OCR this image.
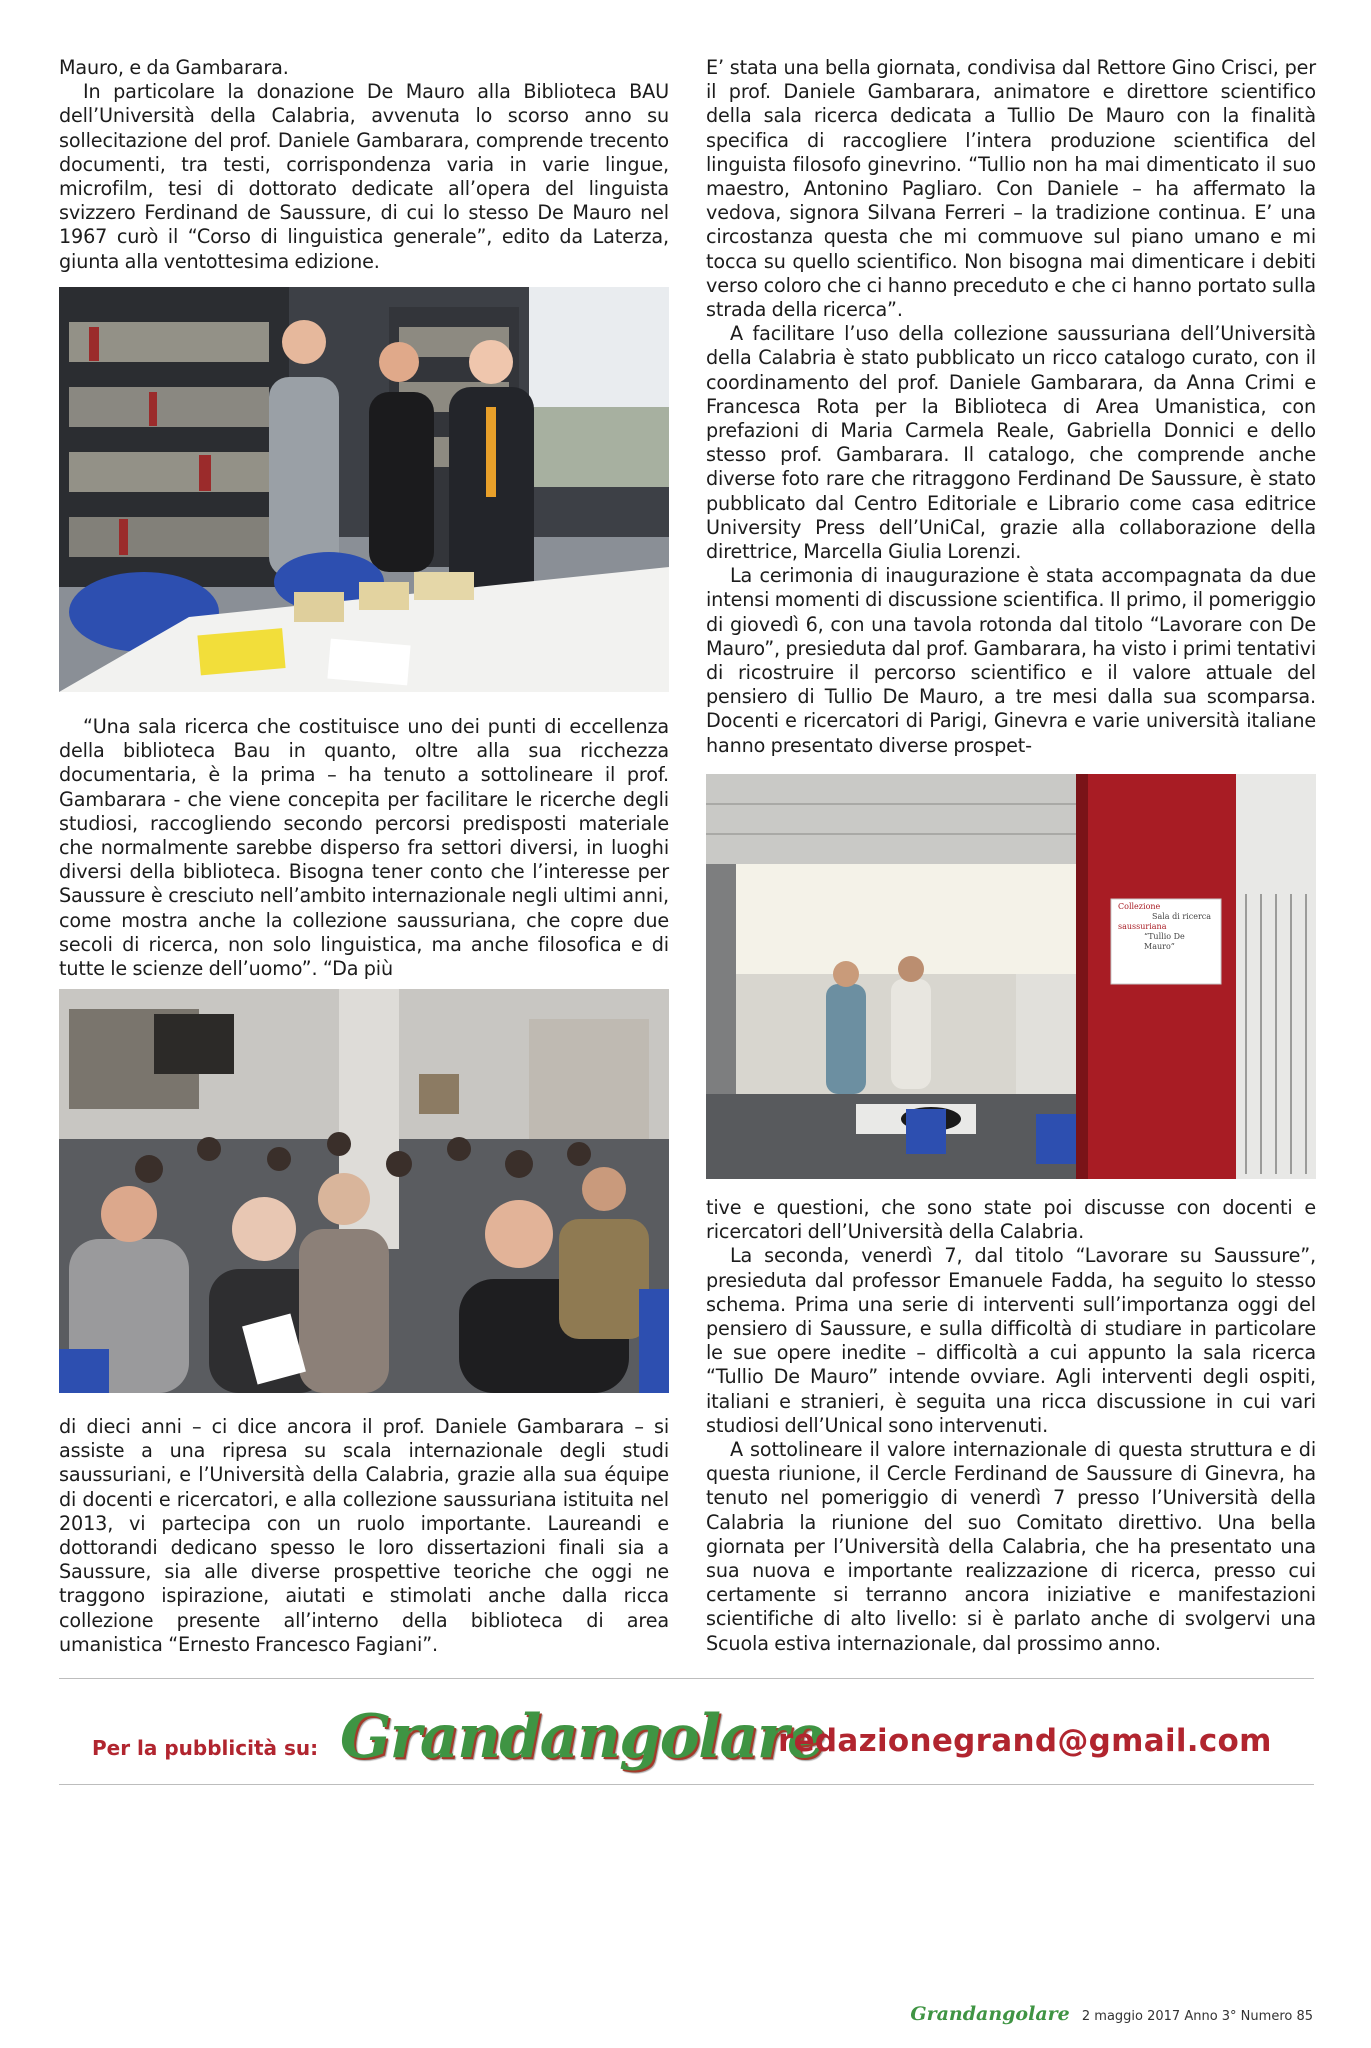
Mauro, e da Gambarara.

In particolare la donazione De Mauro alla Biblioteca BAU dell’Università della Calabria, avvenuta lo scorso anno su sollecitazione del prof. Daniele Gambarara, comprende trecento documenti, tra testi, corrispondenza varia in varie lingue, microfilm, tesi di dottorato dedicate all’opera del linguista svizzero Ferdinand de Saussure, di cui lo stesso De Mauro nel 1967 curò il “Corso di linguistica generale”, edito da Laterza, giunta alla ventottesima edizione.

“Una sala ricerca che costituisce uno dei punti di eccellenza della biblioteca Bau in quanto, oltre alla sua ricchezza documentaria, è la prima – ha tenuto a sottolineare il prof. Gambarara - che viene concepita per facilitare le ricerche degli studiosi, raccogliendo secondo percorsi predisposti materiale che normalmente sarebbe disperso fra settori diversi, in luoghi diversi della biblioteca. Bisogna tener conto che l’interesse per Saussure è cresciuto nell’ambito internazionale negli ultimi anni, come mostra anche la collezione saussuriana, che copre due secoli di ricerca, non solo linguistica, ma anche filosofica e di tutte le scienze dell’uomo”. “Da più

di dieci anni – ci dice ancora il prof. Daniele Gambarara – si assiste a una ripresa su scala internazionale degli studi saussuriani, e l’Università della Calabria, grazie alla sua équipe di docenti e ricercatori, e alla collezione saussuriana istituita nel 2013, vi partecipa con un ruolo importante. Laureandi e dottorandi dedicano spesso le loro dissertazioni finali sia a Saussure, sia alle diverse prospettive teoriche che oggi ne traggono ispirazione, aiutati e stimolati anche dalla ricca collezione presente all’interno della biblioteca di area umanistica “Ernesto Francesco Fagiani”.

E’ stata una bella giornata, condivisa dal Rettore Gino Crisci, per il prof. Daniele Gambarara, animatore e direttore scientifico della sala ricerca dedicata a Tullio De Mauro con la finalità specifica di raccogliere l’intera produzione scientifica del linguista filosofo ginevrino. “Tullio non ha mai dimenticato il suo maestro, Antonino Pagliaro. Con Daniele – ha affermato la vedova, signora Silvana Ferreri – la tradizione continua. E’ una circostanza questa che mi commuove sul piano umano e mi tocca su quello scientifico. Non bisogna mai dimenticare i debiti verso coloro che ci hanno preceduto e che ci hanno portato sulla strada della ricerca”.

A facilitare l’uso della collezione saussuriana dell’Università della Calabria è stato pubblicato un ricco catalogo curato, con il coordinamento del prof. Daniele Gambarara, da Anna Crimi e Francesca Rota per la Biblioteca di Area Umanistica, con prefazioni di Maria Carmela Reale, Gabriella Donnici e dello stesso prof. Gambarara. Il catalogo, che comprende anche diverse foto rare che ritraggono Ferdinand De Saussure, è stato pubblicato dal Centro Editoriale e Librario come casa editrice University Press dell’UniCal, grazie alla collaborazione della direttrice, Marcella Giulia Lorenzi.

La cerimonia di inaugurazione è stata accompagnata da due intensi momenti di discussione scientifica. Il primo, il pomeriggio di giovedì 6, con una tavola rotonda dal titolo “Lavorare con De Mauro”, presieduta dal prof. Gambarara, ha visto i primi tentativi di ricostruire il percorso scientifico e il valore attuale del pensiero di Tullio De Mauro, a tre mesi dalla sua scomparsa. Docenti e ricercatori di Parigi, Ginevra e varie università italiane hanno presentato diverse prospet-

Collezione
Sala di ricerca
saussuriana
“Tullio De Mauro”

tive e questioni, che sono state poi discusse con docenti e ricercatori dell’Università della Calabria.

La seconda, venerdì 7, dal titolo “Lavorare su Saussure”, presieduta dal professor Emanuele Fadda, ha seguito lo stesso schema. Prima una serie di interventi sull’importanza oggi del pensiero di Saussure, e sulla difficoltà di studiare in particolare le sue opere inedite – difficoltà a cui appunto la sala ricerca “Tullio De Mauro” intende ovviare. Agli interventi degli ospiti, italiani e stranieri, è seguita una ricca discussione in cui vari studiosi dell’Unical sono intervenuti.

A sottolineare il valore internazionale di questa struttura e di questa riunione, il Cercle Ferdinand de Saussure di Ginevra, ha tenuto nel pomeriggio di venerdì 7 presso l’Università della Calabria la riunione del suo Comitato direttivo. Una bella giornata per l’Università della Calabria, che ha presentato una sua nuova e importante realizzazione di ricerca, presso cui certamente si terranno ancora iniziative e manifestazioni scientifiche di alto livello: si è parlato anche di svolgervi una Scuola estiva internazionale, dal prossimo anno.

Per la pubblicità su: Grandangolare
redazionegrand@gmail.com
Grandangolare 2 maggio 2017 Anno 3° Numero 85
